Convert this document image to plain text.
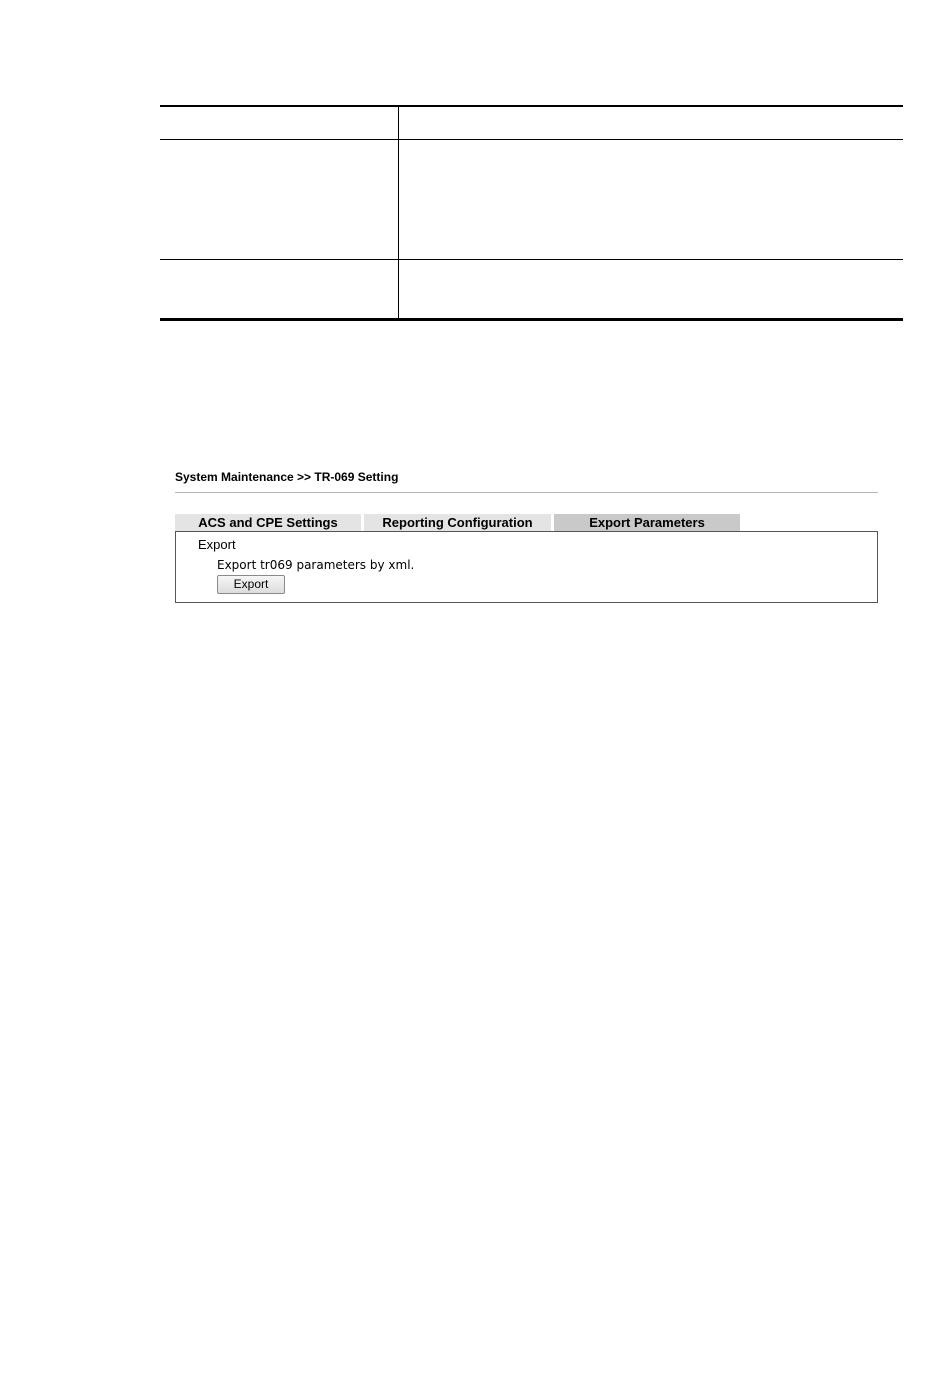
System Maintenance >> TR-069 Setting
ACS and CPE Settings	Reporting Configuration	Export Parameters
Export
Export tr069 parameters by xml.
Export
